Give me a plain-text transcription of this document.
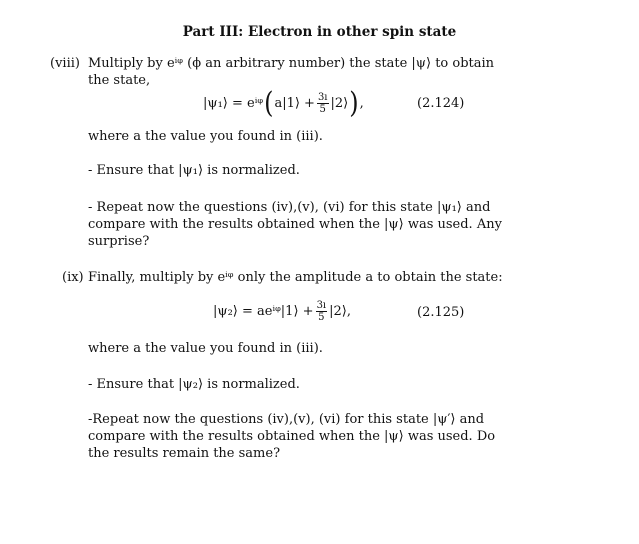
Part III: Electron in other spin state
(viii) Multiply by eⁱᵠ (ϕ an arbitrary number) the state |ψ⟩ to obtain
the state,
|ψ₁⟩ = eⁱᵠ ( a|1⟩ + $\frac{3ı}{5}$ |2⟩ ) ,	(2.124)
where a the value you found in (iii).
- Ensure that |ψ₁⟩ is normalized.
- Repeat now the questions (iv),(v), (vi) for this state |ψ₁⟩ and
compare with the results obtained when the |ψ⟩ was used. Any
surprise?
(ix) Finally, multiply by eⁱᵠ only the amplitude a to obtain the state:
|ψ₂⟩ = aeⁱᵠ|1⟩ + $\frac{3ı}{5}$ |2⟩,	(2.125)
where a the value you found in (iii).
- Ensure that |ψ₂⟩ is normalized.
-Repeat now the questions (iv),(v), (vi) for this state |ψ′⟩ and
compare with the results obtained when the |ψ⟩ was used. Do
the results remain the same?
